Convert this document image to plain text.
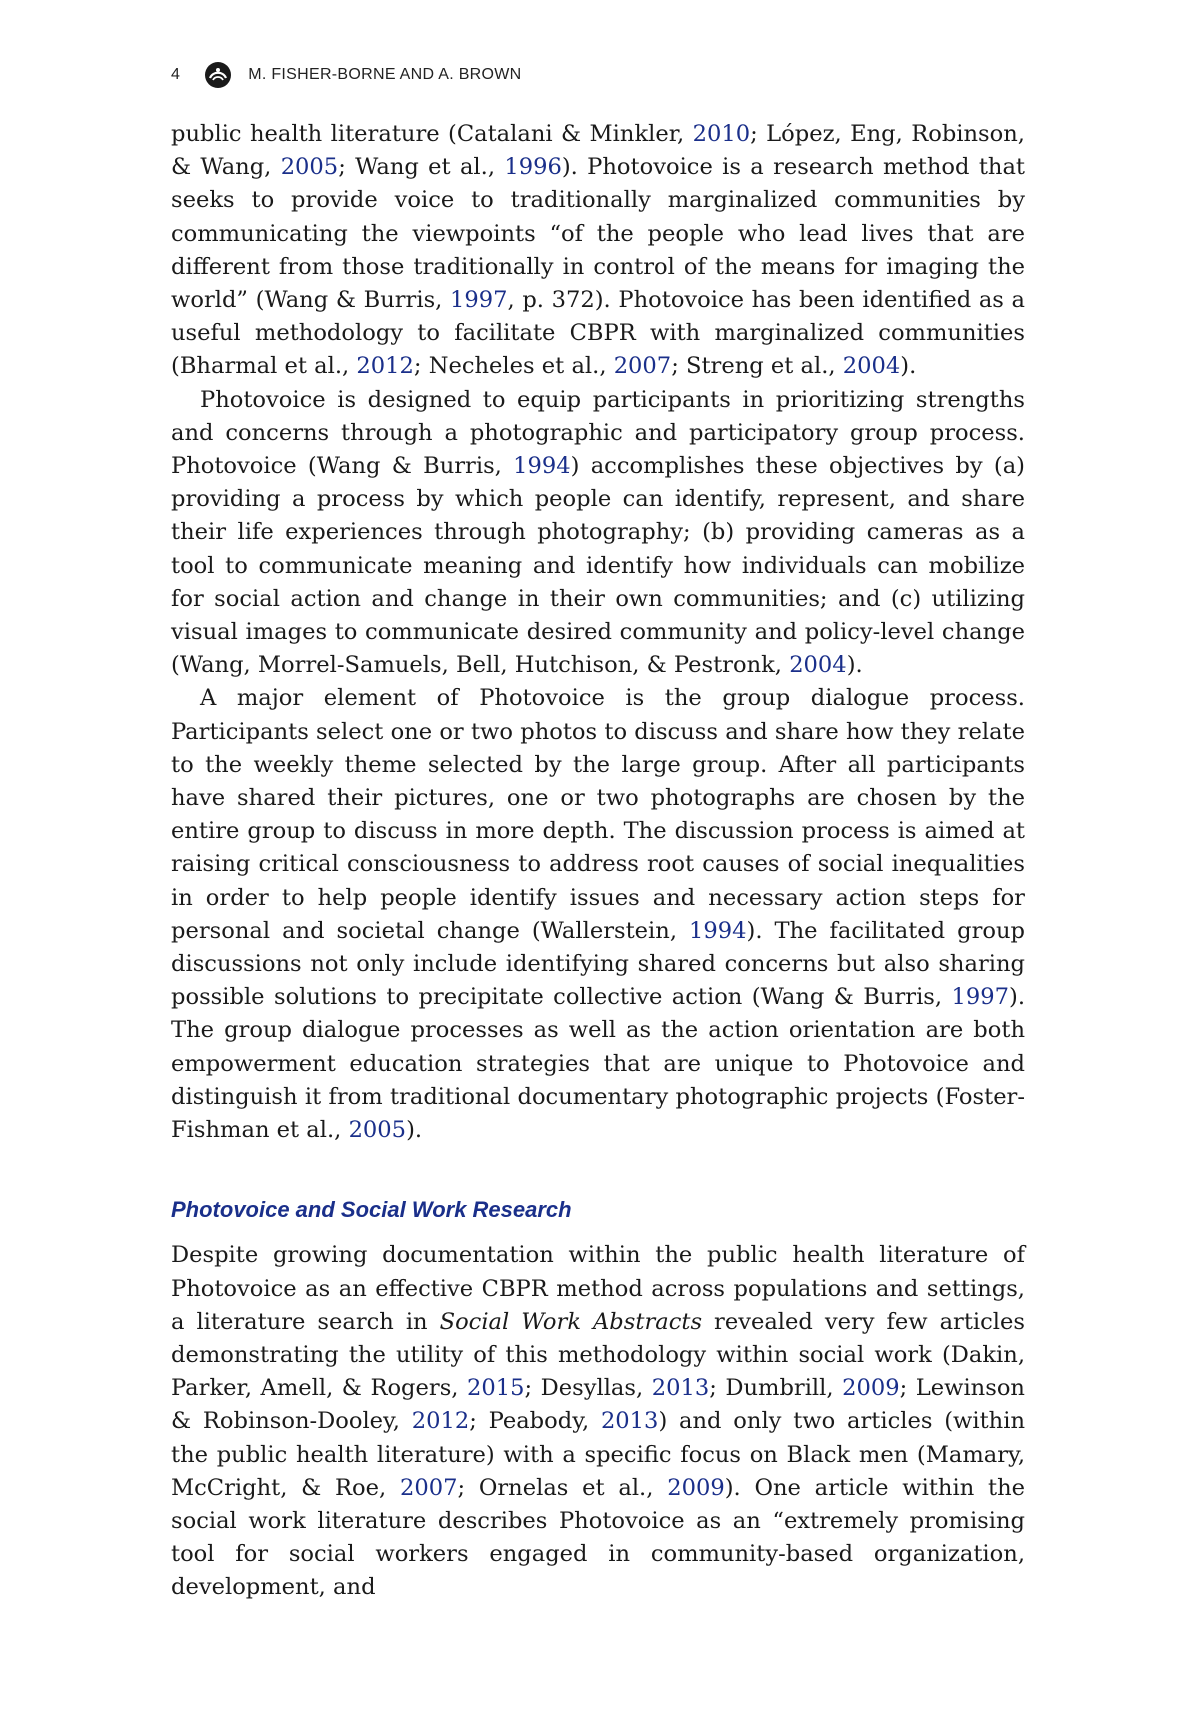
4	M. FISHER-BORNE AND A. BROWN

public health literature (Catalani & Minkler, 2010; López, Eng, Robinson, & Wang, 2005; Wang et al., 1996). Photovoice is a research method that seeks to provide voice to traditionally marginalized communities by communicating the viewpoints “of the people who lead lives that are different from those traditionally in control of the means for imaging the world” (Wang & Burris, 1997, p. 372). Photovoice has been identified as a useful methodology to facilitate CBPR with marginalized communities (Bharmal et al., 2012; Necheles et al., 2007; Streng et al., 2004).

Photovoice is designed to equip participants in prioritizing strengths and concerns through a photographic and participatory group process. Photovoice (Wang & Burris, 1994) accomplishes these objectives by (a) providing a process by which people can identify, represent, and share their life experiences through photography; (b) providing cameras as a tool to communicate meaning and identify how individuals can mobilize for social action and change in their own communities; and (c) utilizing visual images to communicate desired community and policy-level change (Wang, Morrel-Samuels, Bell, Hutchison, & Pestronk, 2004).

A major element of Photovoice is the group dialogue process. Participants select one or two photos to discuss and share how they relate to the weekly theme selected by the large group. After all participants have shared their pictures, one or two photographs are chosen by the entire group to discuss in more depth. The discussion process is aimed at raising critical consciousness to address root causes of social inequalities in order to help people identify issues and necessary action steps for personal and societal change (Wallerstein, 1994). The facilitated group discussions not only include identifying shared concerns but also sharing possible solutions to precipitate collective action (Wang & Burris, 1997). The group dialogue processes as well as the action orientation are both empowerment education strategies that are unique to Photovoice and distinguish it from traditional documentary photographic projects (Foster-Fishman et al., 2005).

Photovoice and Social Work Research

Despite growing documentation within the public health literature of Photovoice as an effective CBPR method across populations and settings, a literature search in Social Work Abstracts revealed very few articles demonstrating the utility of this methodology within social work (Dakin, Parker, Amell, & Rogers, 2015; Desyllas, 2013; Dumbrill, 2009; Lewinson & Robinson-Dooley, 2012; Peabody, 2013) and only two articles (within the public health literature) with a specific focus on Black men (Mamary, McCright, & Roe, 2007; Ornelas et al., 2009). One article within the social work literature describes Photovoice as an “extremely promising tool for social workers engaged in community-based organization, development, and
